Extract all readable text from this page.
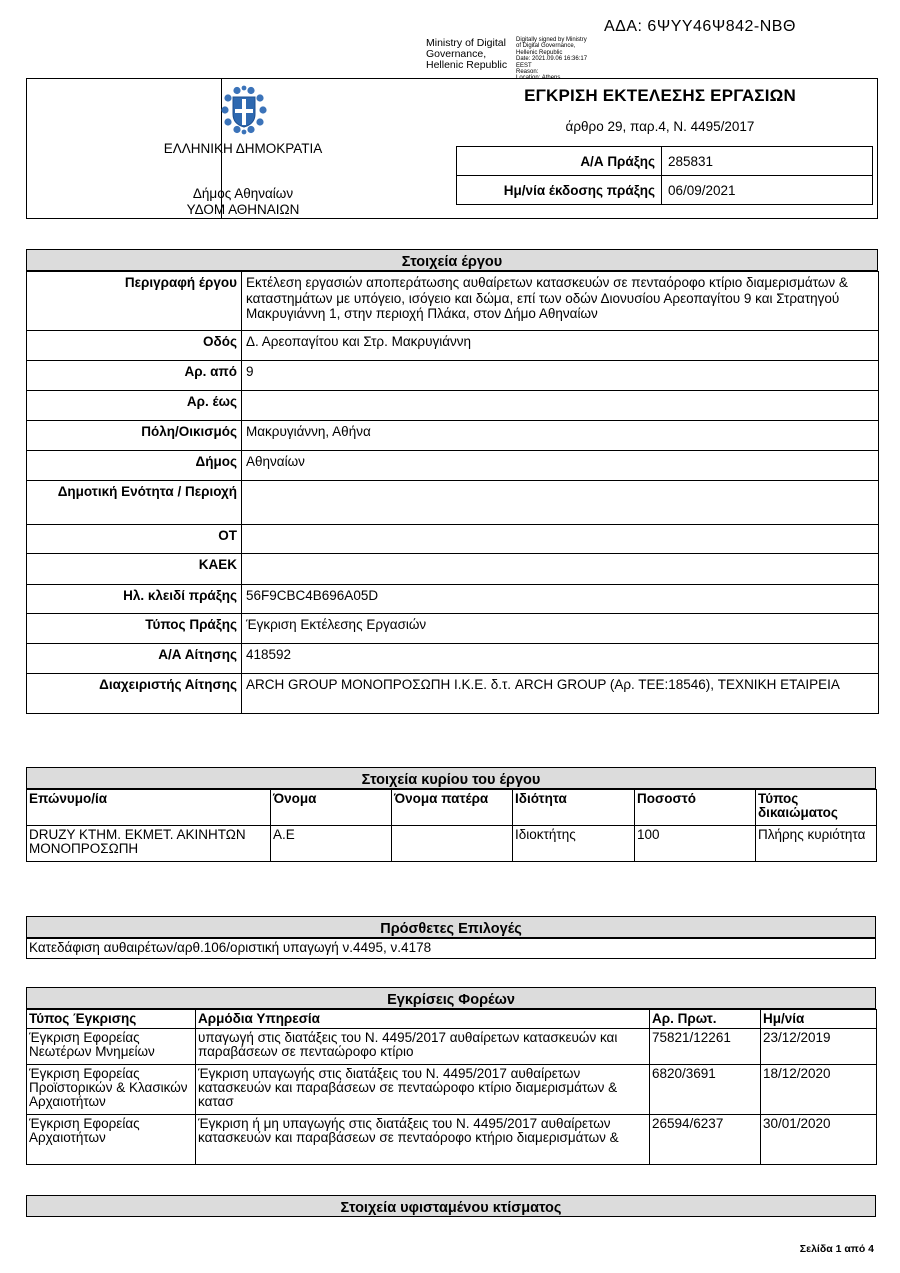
ΑΔΑ: 6ΨΥΥ46Ψ842-ΝΒΘ
Ministry of Digital
Governance,
Hellenic Republic
Digitally signed by Ministry
of Digital Governance,
Hellenic Republic
Date: 2021.09.06 16:36:17
EEST
Reason:
Location: Athens
ΕΛΛΗΝΙΚΗ ΔΗΜΟΚΡΑΤΙΑ
Δήμος Αθηναίων
ΥΔΟΜ ΑΘΗΝΑΙΩΝ
ΕΓΚΡΙΣΗ ΕΚΤΕΛΕΣΗΣ ΕΡΓΑΣΙΩΝ
άρθρο 29, παρ.4, Ν. 4495/2017
Α/Α Πράξης	285831
Ημ/νία έκδοσης πράξης	06/09/2021
Στοιχεία έργου
Περιγραφή έργου	Εκτέλεση εργασιών αποπεράτωσης αυθαίρετων κατασκευών σε πενταόροφο κτίριο διαμερισμάτων & καταστημάτων με υπόγειο, ισόγειο και δώμα, επί των οδών Διονυσίου Αρεοπαγίτου 9 και Στρατηγού Μακρυγιάννη 1, στην περιοχή Πλάκα, στον Δήμο Αθηναίων
Οδός	Δ. Αρεοπαγίτου και Στρ. Μακρυγιάννη
Αρ. από	9
Αρ. έως	
Πόλη/Οικισμός	Μακρυγιάννη, Αθήνα
Δήμος	Αθηναίων
Δημοτική Ενότητα / Περιοχή	
ΟΤ	
ΚΑΕΚ	
Ηλ. κλειδί πράξης	56F9CBC4B696A05D
Τύπος Πράξης	Έγκριση Εκτέλεσης Εργασιών
Α/Α Αίτησης	418592
Διαχειριστής Αίτησης	ARCH GROUP ΜΟΝΟΠΡΟΣΩΠΗ Ι.Κ.Ε. δ.τ. ARCH GROUP (Αρ. ΤΕΕ:18546), ΤΕΧΝΙΚΗ ΕΤΑΙΡΕΙΑ
Στοιχεία κυρίου του έργου
Επώνυμο/ία	Όνομα	Όνομα πατέρα	Ιδιότητα	Ποσοστό	Τύπος δικαιώματος
DRUZY ΚΤΗΜ. ΕΚΜΕΤ. ΑΚΙΝΗΤΩΝ ΜΟΝΟΠΡΟΣΩΠΗ	Α.Ε		Ιδιοκτήτης	100	Πλήρης κυριότητα
Πρόσθετες Επιλογές
Κατεδάφιση αυθαιρέτων/αρθ.106/οριστική υπαγωγή ν.4495, ν.4178
Εγκρίσεις Φορέων
Τύπος Έγκρισης	Αρμόδια Υπηρεσία	Αρ. Πρωτ.	Ημ/νία
Έγκριση Εφορείας Νεωτέρων Μνημείων	υπαγωγή στις διατάξεις του Ν. 4495/2017 αυθαίρετων κατασκευών και παραβάσεων σε πενταώροφο κτίριο	75821/12261	23/12/2019
Έγκριση Εφορείας Προϊστορικών & Κλασικών Αρχαιοτήτων	Έγκριση υπαγωγής στις διατάξεις του Ν. 4495/2017 αυθαίρετων κατασκευών και παραβάσεων σε πενταώροφο κτίριο διαμερισμάτων & κατασ	6820/3691	18/12/2020
Έγκριση Εφορείας Αρχαιοτήτων	Έγκριση ή μη υπαγωγής στις διατάξεις του Ν. 4495/2017 αυθαίρετων κατασκευών και παραβάσεων σε πενταόροφο κτήριο διαμερισμάτων &	26594/6237	30/01/2020
Στοιχεία υφισταμένου κτίσματος
Σελίδα 1 από 4
